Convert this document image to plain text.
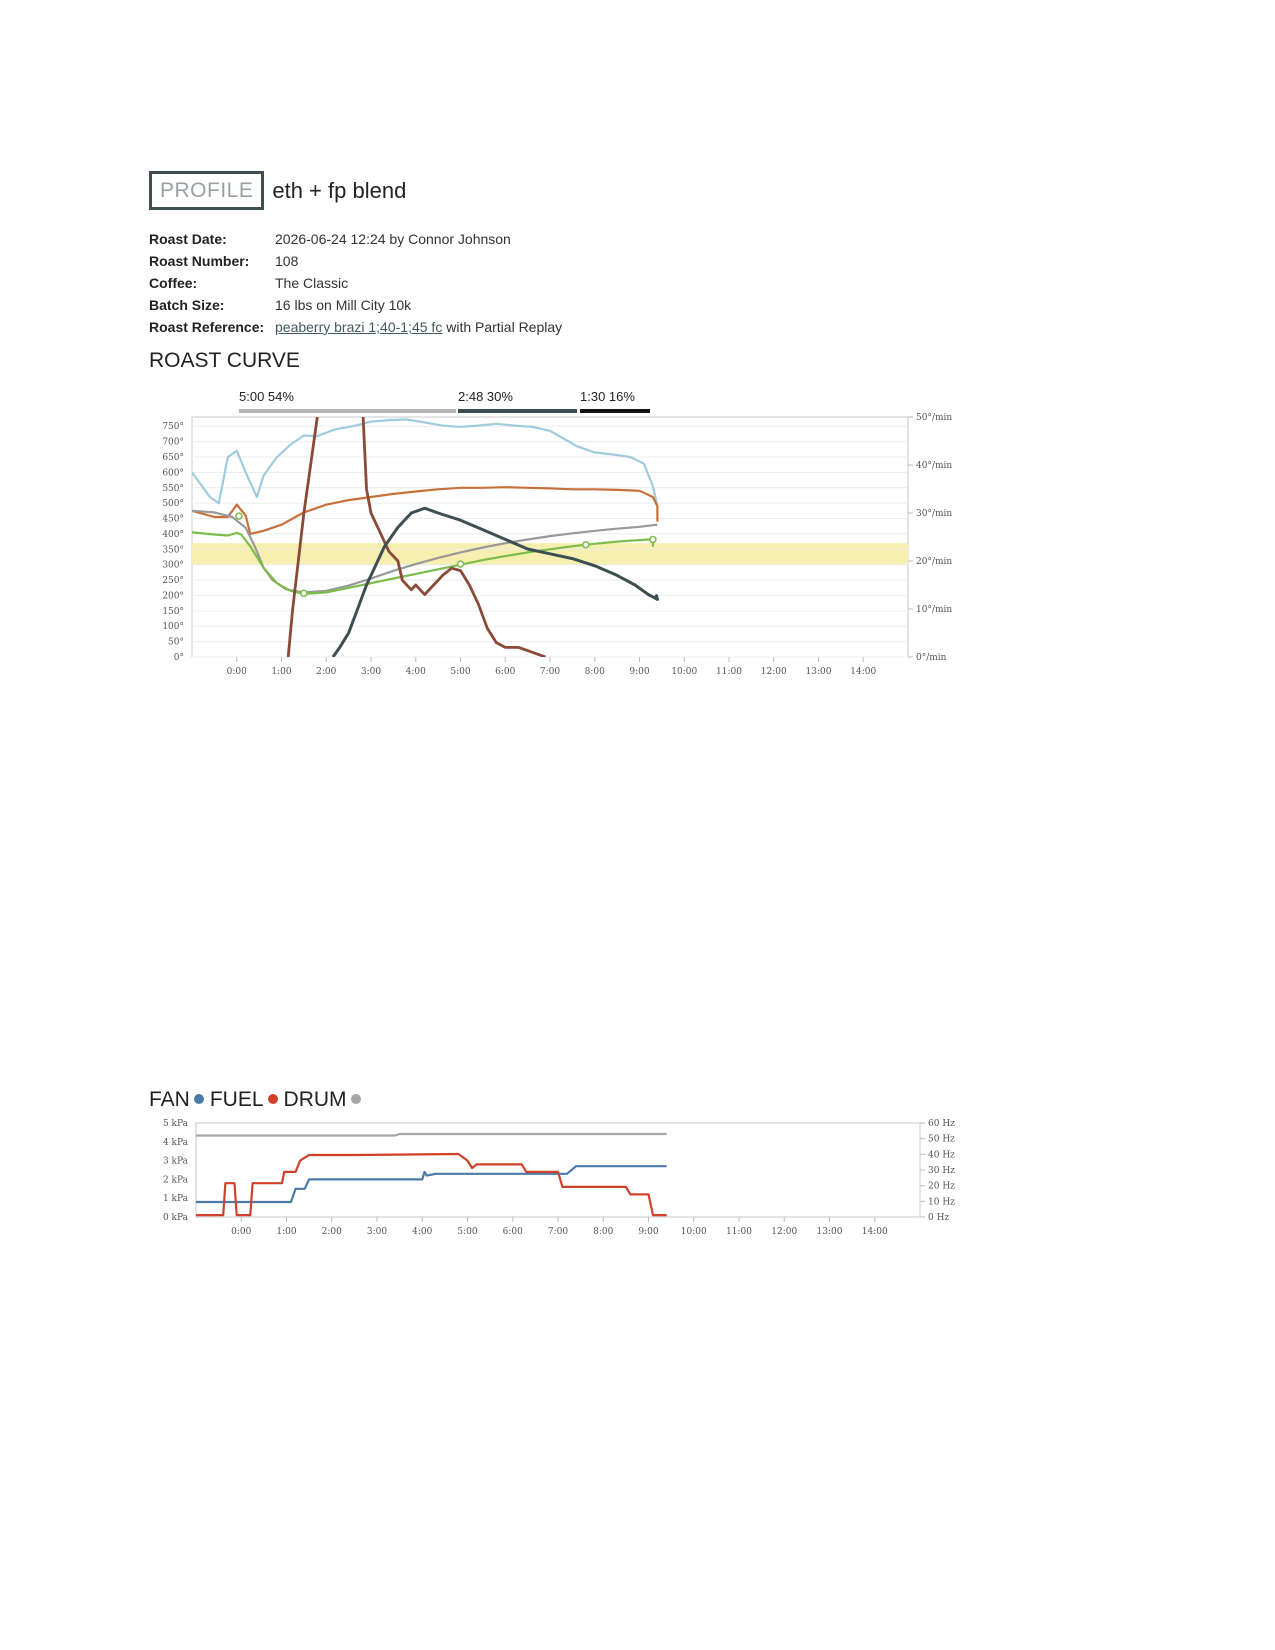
PROFILE eth + fp blend
Roast Date:	2026-06-24 12:24 by Connor Johnson
Roast Number:	108
Coffee:	The Classic
Batch Size:	16 lbs on Mill City 10k
Roast Reference: peaberry brazi 1;40-1;45 fc with Partial Replay
ROAST CURVE
5:00 54%	2:48 30%	1:30 16%
FAN FUEL DRUM
0°
50°
100°
150°
200°
250°
300°
350°
400°
450°
500°
550°
600°
650°
700°
750°
0°/min
10°/min
20°/min
30°/min
40°/min
50°/min
0:00	1:00	2:00	3:00	4:00	5:00	6:00	7:00	8:00	9:00 10:00 11:00 12:00 13:00 14:00
0 kPa
1 kPa
2 kPa
3 kPa
4 kPa
5 kPa
0 Hz
10 Hz
20 Hz
30 Hz
40 Hz
50 Hz
60 Hz
0:00	1:00	2:00	3:00	4:00	5:00	6:00	7:00	8:00	9:00 10:00 11:00 12:00 13:00 14:00
